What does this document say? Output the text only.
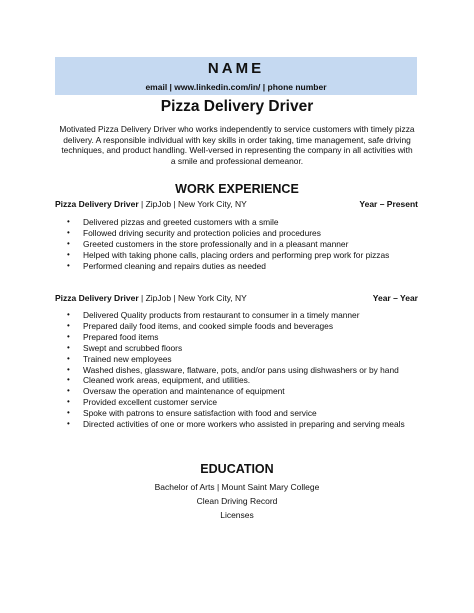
NAME
email | www.linkedin.com/in/ | phone number
Pizza Delivery Driver
Motivated Pizza Delivery Driver who works independently to service customers with timely pizza delivery. A responsible individual with key skills in order taking, time management, safe driving techniques, and product handling. Well-versed in representing the company in all activities with a smile and professional demeanor.
WORK EXPERIENCE
Pizza Delivery Driver | ZipJob | New York City, NY	Year – Present
• Delivered pizzas and greeted customers with a smile
• Followed driving security and protection policies and procedures
• Greeted customers in the store professionally and in a pleasant manner
• Helped with taking phone calls, placing orders and performing prep work for pizzas
• Performed cleaning and repairs duties as needed
Pizza Delivery Driver | ZipJob | New York City, NY	Year – Year
• Delivered Quality products from restaurant to consumer in a timely manner
• Prepared daily food items, and cooked simple foods and beverages
• Prepared food items
• Swept and scrubbed floors
• Trained new employees
• Washed dishes, glassware, flatware, pots, and/or pans using dishwashers or by hand
• Cleaned work areas, equipment, and utilities.
• Oversaw the operation and maintenance of equipment
• Provided excellent customer service
• Spoke with patrons to ensure satisfaction with food and service
• Directed activities of one or more workers who assisted in preparing and serving meals
EDUCATION
Bachelor of Arts | Mount Saint Mary College
Clean Driving Record
Licenses
